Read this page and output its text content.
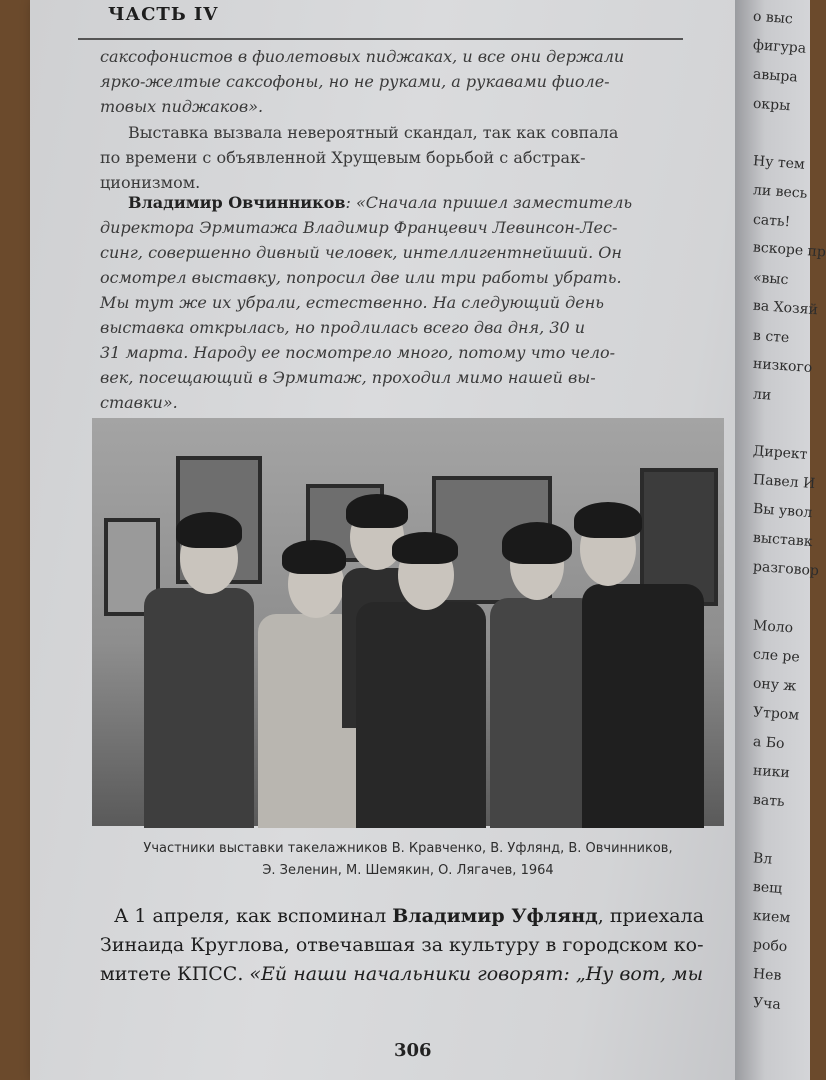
о выс
фигура
авыра
окры
Ну тем
ли весь
сать!
вскоре пр
«выс
ва Хозяй
в сте
низкого
ли
Директ
Павел И
Вы увол
выставк
разговор
Моло
сле ре
ону ж
Утром
а Бо
ники
вать
Вл
вещ
кием
робо
Нев
Уча
ЧАСТЬ IV
саксофонистов в фиолетовых пиджаках, и все они держали
ярко-желтые саксофоны, но не руками, а рукавами фиоле-
товых пиджаков».
Выставка вызвала невероятный скандал, так как совпала
по времени с объявленной Хрущевым борьбой с абстрак-
ционизмом.
Владимир Овчинников: «Сначала пришел заместитель
директора Эрмитажа Владимир Францевич Левинсон-Лес-
синг, совершенно дивный человек, интеллигентнейший. Он
осмотрел выставку, попросил две или три работы убрать.
Мы тут же их убрали, естественно. На следующий день
выставка открылась, но продлилась всего два дня, 30 и
31 марта. Народу ее посмотрело много, потому что чело-
век, посещающий в Эрмитаж, проходил мимо нашей вы-
ставки».
Участники выставки такелажников В. Кравченко, В. Уфлянд, В. Овчинников,
Э. Зеленин, М. Шемякин, О. Лягачев, 1964
А 1 апреля, как вспоминал Владимир Уфлянд, приехала
Зинаида Круглова, отвечавшая за культуру в городском ко-
митете КПСС. «Ей наши начальники говорят: „Ну вот, мы
306
